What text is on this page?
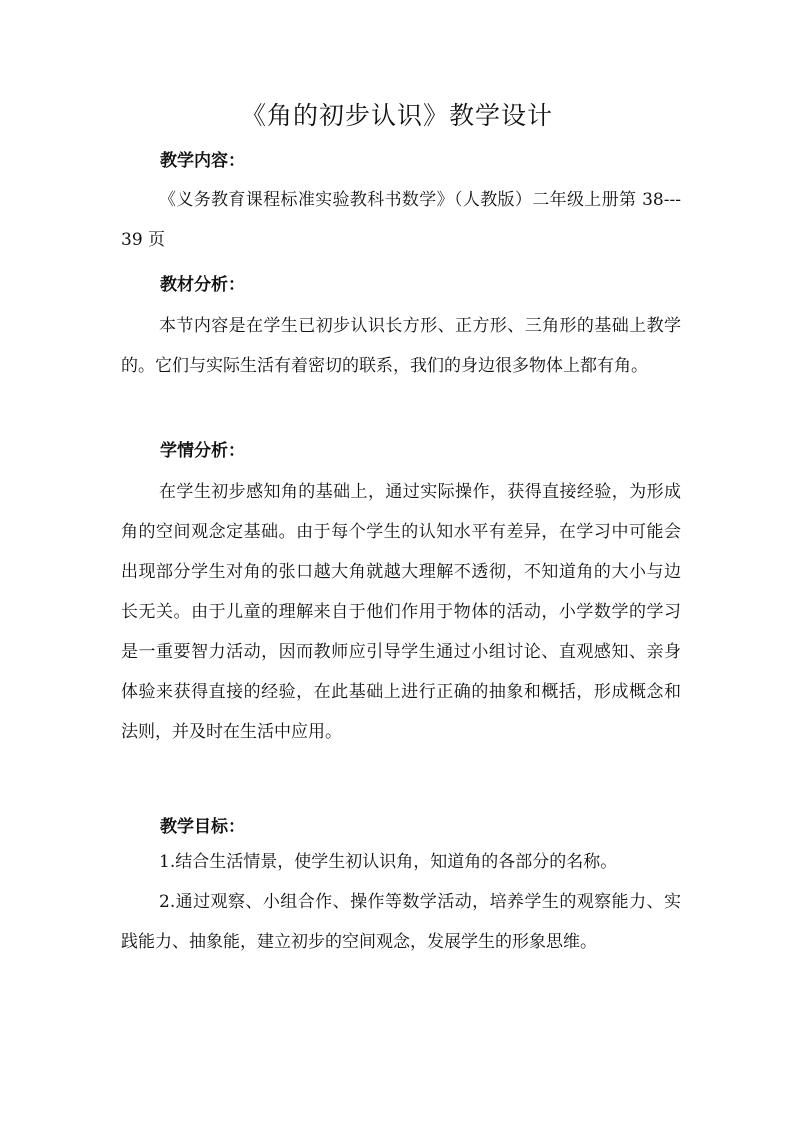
《角的初步认识》教学设计
教学内容：
《义务教育课程标准实验教科书数学》（人教版）二年级上册第 38---39 页
教材分析：
本节内容是在学生已初步认识长方形、正方形、三角形的基础上教学的。它们与实际生活有着密切的联系，我们的身边很多物体上都有角。
学情分析：
在学生初步感知角的基础上，通过实际操作，获得直接经验，为形成角的空间观念定基础。由于每个学生的认知水平有差异，在学习中可能会出现部分学生对角的张口越大角就越大理解不透彻，不知道角的大小与边长无关。由于儿童的理解来自于他们作用于物体的活动，小学数学的学习是一重要智力活动，因而教师应引导学生通过小组讨论、直观感知、亲身体验来获得直接的经验，在此基础上进行正确的抽象和概括，形成概念和法则，并及时在生活中应用。
教学目标：
1.结合生活情景，使学生初认识角，知道角的各部分的名称。
2.通过观察、小组合作、操作等数学活动，培养学生的观察能力、实践能力、抽象能，建立初步的空间观念，发展学生的形象思维。
